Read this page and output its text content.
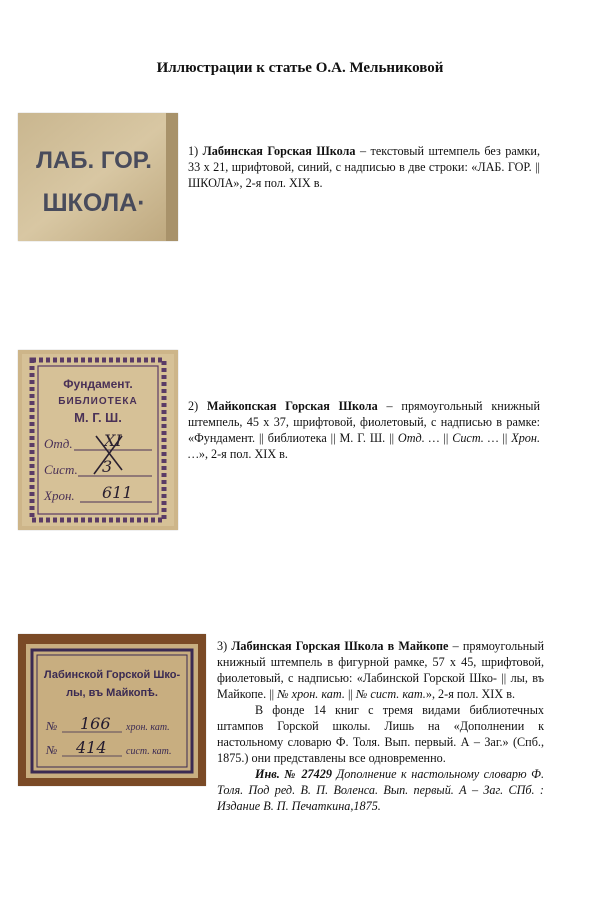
Иллюстрации к статье О.А. Мельниковой
ЛАБ. ГОР.
ШКОЛА·
1) Лабинская Горская Школа – текстовый штемпель без рамки, 33 х 21, шрифтовой, синий, с надписью в две строки: «ЛАБ. ГОР. || ШКОЛА», 2-я пол. XIX в.
Фундамент.
БИБЛИОТЕКА
М. Г. Ш.
Отд.
Сист.
Хрон.
XI
3
611
2) Майкопская Горская Школа – прямоугольный книжный штемпель, 45 х 37, шрифтовой, фиолетовый, с надписью в рамке: «Фундамент. || библиотека || М. Г. Ш. || Отд. … || Сист. … || Хрон. …», 2-я пол. XIX в.
Лабинской Горской Шко-
лы, въ Майкопѣ.
№	хрон. кат.
№	сист. кат.
166
414
3) Лабинская Горская Школа в Майкопе – прямоугольный книжный штемпель в фигурной рамке, 57 х 45, шрифтовой, фиолетовый, с надписью: «Лабинской Горской Шко- || лы, въ Майкопе. || № хрон. кат. || № сист. кат.», 2-я пол. XIX в.

В фонде 14 книг с тремя видами библиотечных штампов Горской школы. Лишь на «Дополнении к настольному словарю Ф. Толя. Вып. первый. А – Заг.» (Спб., 1875.) они представлены все одновременно.

Инв. № 27429 Дополнение к настольному словарю Ф. Толя. Под ред. В. П. Воленса. Вып. первый. А – Заг. СПб. : Издание В. П. Печаткина,1875.
